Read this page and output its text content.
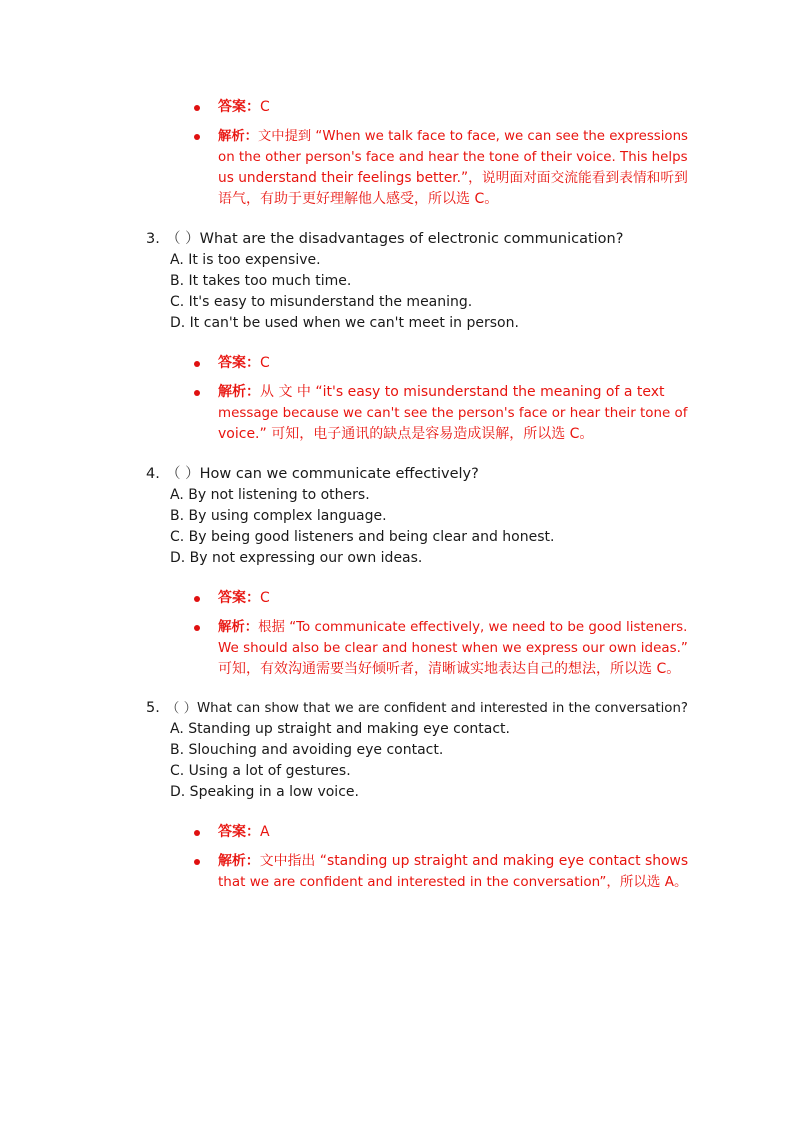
答案：C
解析：文中提到 “When we talk face to face, we can see the expressions
on the other person's face and hear the tone of their voice. This helps
us understand their feelings better.”，说明面对面交流能看到表情和听到
语气，有助于更好理解他人感受，所以选 C。
3. （ ）What are the disadvantages of electronic communication?
A. It is too expensive.
B. It takes too much time.
C. It's easy to misunderstand the meaning.
D. It can't be used when we can't meet in person.
答案：C
解析：从 文 中 “it's easy to misunderstand the meaning of a text
message because we can't see the person's face or hear their tone of
voice.” 可知，电子通讯的缺点是容易造成误解，所以选 C。
4. （ ）How can we communicate effectively?
A. By not listening to others.
B. By using complex language.
C. By being good listeners and being clear and honest.
D. By not expressing our own ideas.
答案：C
解析：根据 “To communicate effectively, we need to be good listeners.
We should also be clear and honest when we express our own ideas.”
可知，有效沟通需要当好倾听者，清晰诚实地表达自己的想法，所以选 C。
5. （ ）What can show that we are confident and interested in the conversation?
A. Standing up straight and making eye contact.
B. Slouching and avoiding eye contact.
C. Using a lot of gestures.
D. Speaking in a low voice.
答案：A
解析：文中指出 “standing up straight and making eye contact shows
that we are confident and interested in the conversation”，所以选 A。
